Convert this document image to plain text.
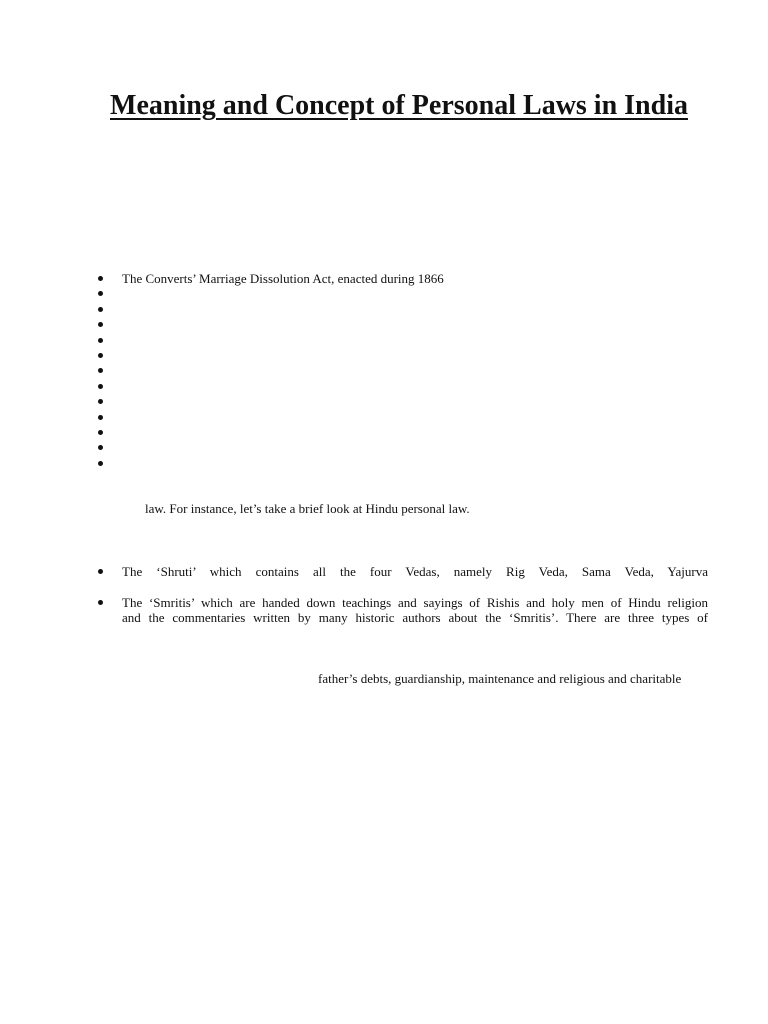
Meaning and Concept of Personal Laws in India
The Converts’ Marriage Dissolution Act, enacted during 1866

law. For instance, let’s take a brief look at Hindu personal law.

The ‘Shruti’ which contains all the four Vedas, namely Rig Veda, Sama Veda, Yajurva
The ‘Smritis’ which are handed down teachings and sayings of Rishis and holy men of Hindu religion
and the commentaries written by many historic authors about the ‘Smritis’. There are three types of

father’s debts, guardianship, maintenance and religious and charitable
